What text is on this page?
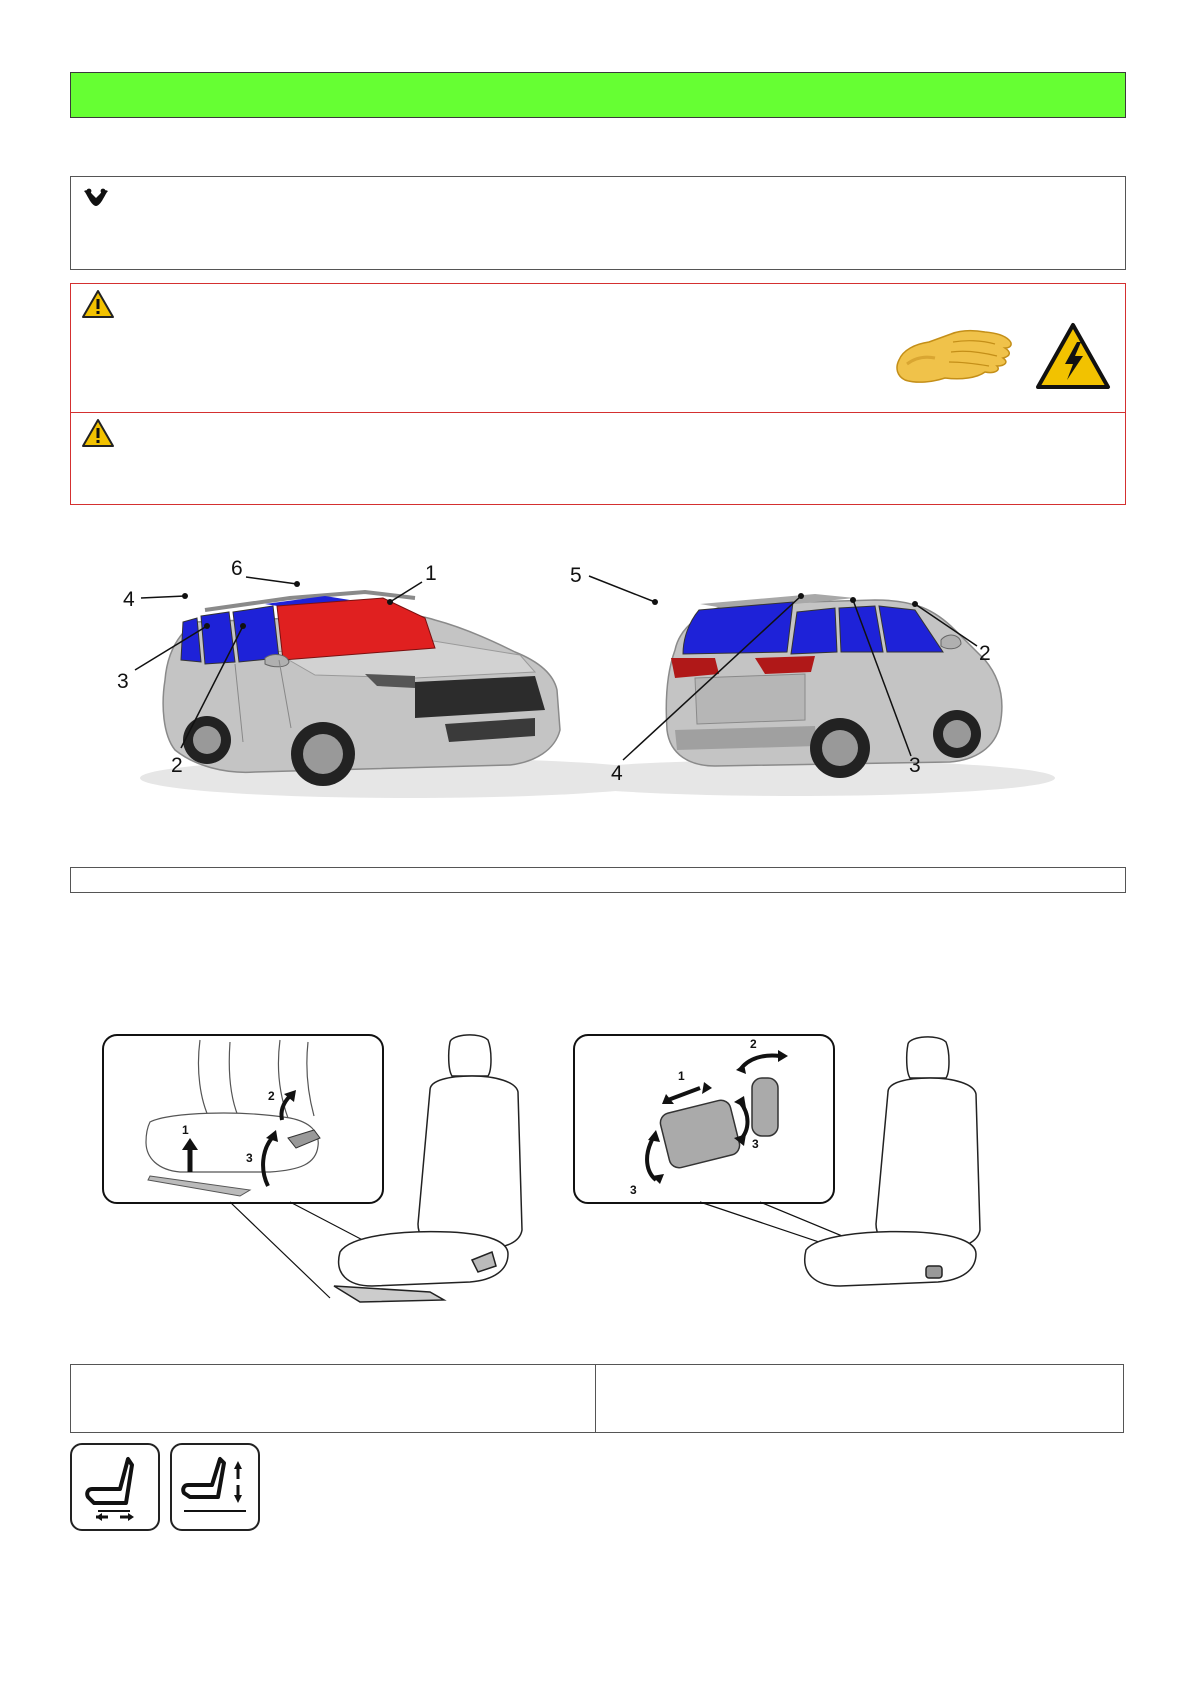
6	1
4
3
2
5
2
4	3
1
2
3
1
2
3
3
